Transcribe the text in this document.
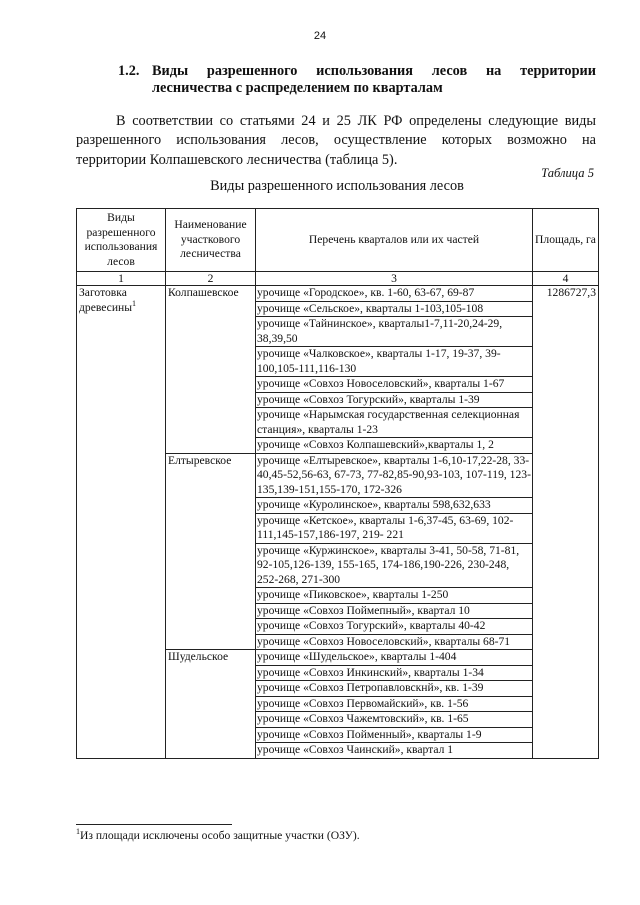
24
1.2. Виды разрешенного использования лесов на территории
лесничества с распределением по кварталам
В соответствии со статьями 24 и 25 ЛК РФ определены следующие виды
разрешенного использования лесов, осуществление которых возможно на
территории Колпашевского лесничества (таблица 5).
Таблица 5
Виды разрешенного использования лесов
Виды разрешенного использования лесов	Наименование участкового лесничества	Перечень кварталов или их частей	Площадь, га
1	2	3	4
Заготовка древесины$^1$	Колпашевское	урочище «Городское», кв. 1-60, 63-67, 69-87	1286727,3
		урочище «Сельское», кварталы 1-103,105-108	
		урочище «Тайнинское», кварталы1-7,11-20,24-29, 38,39,50	
		урочище «Чалковское», кварталы 1-17, 19-37, 39-100,105-111,116-130	
		урочище «Совхоз Новоселовский», кварталы 1-67	
		урочище «Совхоз Тогурский», кварталы 1-39	
		урочище «Нарымская государственная селекционная станция», кварталы 1-23	
		урочище «Совхоз Колпашевский»,кварталы 1, 2	
	Елтыревское	урочище «Елтыревское», кварталы 1-6,10-17,22-28, 33-40,45-52,56-63, 67-73, 77-82,85-90,93-103, 107-119, 123-135,139-151,155-170, 172-326	
		урочище «Куролинское», кварталы 598,632,633	
		урочище «Кетское», кварталы 1-6,37-45, 63-69, 102-111,145-157,186-197, 219- 221	
		урочище «Куржинское», кварталы 3-41, 50-58, 71-81, 92-105,126-139, 155-165, 174-186,190-226, 230-248, 252-268, 271-300	
		урочище «Пиковское», кварталы 1-250	
		урочище «Совхоз Поймепный», квартал 10	
		урочище «Совхоз Тогурский», кварталы 40-42	
		урочище «Совхоз Новоселовский», кварталы 68-71	
	Шудельское	урочище «Шудельское», кварталы 1-404	
		урочище «Совхоз Инкинский», кварталы 1-34	
		урочище «Совхоз Петропавловскнй», кв. 1-39	
		урочище «Совхоз Первомайский», кв. 1-56	
		урочище «Совхоз Чажемтовский», кв. 1-65	
		урочище «Совхоз Пойменный», кварталы 1-9	
		урочище «Совхоз Чаинский», квартал 1	
$^1$Из площади исключены особо защитные участки (ОЗУ).
